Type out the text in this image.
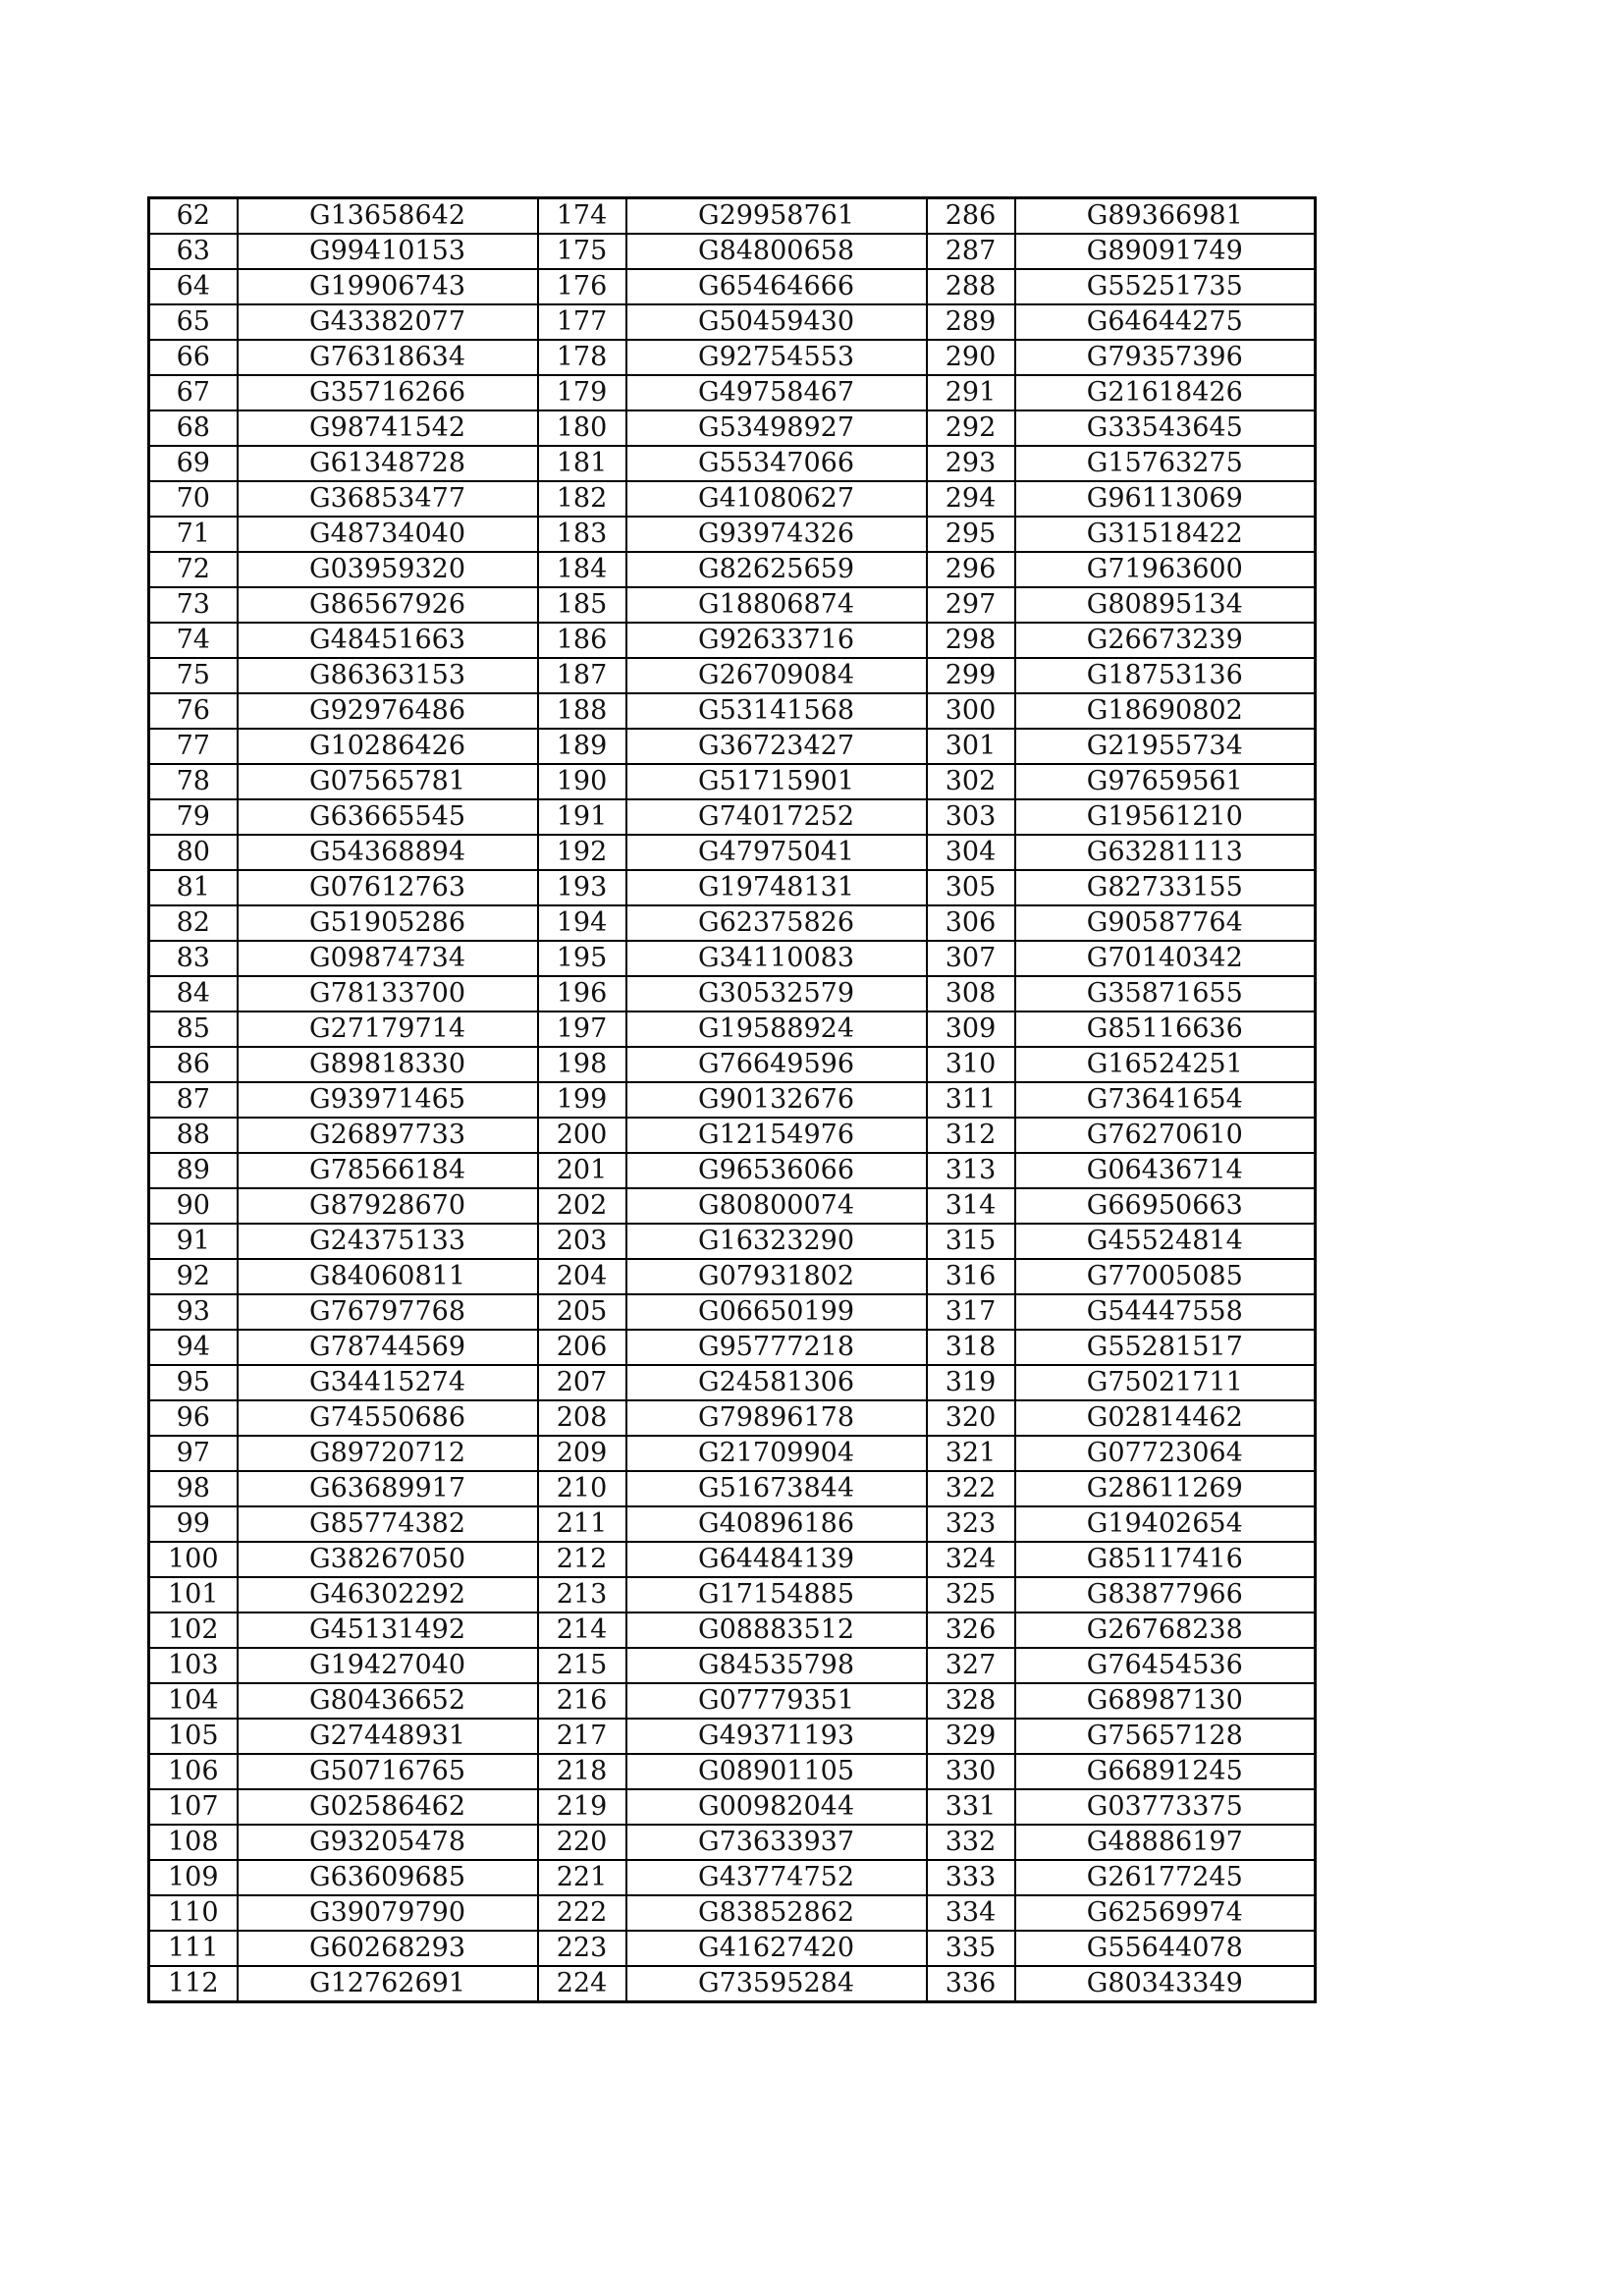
62	G13658642	174	G29958761	286	G89366981
63	G99410153	175	G84800658	287	G89091749
64	G19906743	176	G65464666	288	G55251735
65	G43382077	177	G50459430	289	G64644275
66	G76318634	178	G92754553	290	G79357396
67	G35716266	179	G49758467	291	G21618426
68	G98741542	180	G53498927	292	G33543645
69	G61348728	181	G55347066	293	G15763275
70	G36853477	182	G41080627	294	G96113069
71	G48734040	183	G93974326	295	G31518422
72	G03959320	184	G82625659	296	G71963600
73	G86567926	185	G18806874	297	G80895134
74	G48451663	186	G92633716	298	G26673239
75	G86363153	187	G26709084	299	G18753136
76	G92976486	188	G53141568	300	G18690802
77	G10286426	189	G36723427	301	G21955734
78	G07565781	190	G51715901	302	G97659561
79	G63665545	191	G74017252	303	G19561210
80	G54368894	192	G47975041	304	G63281113
81	G07612763	193	G19748131	305	G82733155
82	G51905286	194	G62375826	306	G90587764
83	G09874734	195	G34110083	307	G70140342
84	G78133700	196	G30532579	308	G35871655
85	G27179714	197	G19588924	309	G85116636
86	G89818330	198	G76649596	310	G16524251
87	G93971465	199	G90132676	311	G73641654
88	G26897733	200	G12154976	312	G76270610
89	G78566184	201	G96536066	313	G06436714
90	G87928670	202	G80800074	314	G66950663
91	G24375133	203	G16323290	315	G45524814
92	G84060811	204	G07931802	316	G77005085
93	G76797768	205	G06650199	317	G54447558
94	G78744569	206	G95777218	318	G55281517
95	G34415274	207	G24581306	319	G75021711
96	G74550686	208	G79896178	320	G02814462
97	G89720712	209	G21709904	321	G07723064
98	G63689917	210	G51673844	322	G28611269
99	G85774382	211	G40896186	323	G19402654
100	G38267050	212	G64484139	324	G85117416
101	G46302292	213	G17154885	325	G83877966
102	G45131492	214	G08883512	326	G26768238
103	G19427040	215	G84535798	327	G76454536
104	G80436652	216	G07779351	328	G68987130
105	G27448931	217	G49371193	329	G75657128
106	G50716765	218	G08901105	330	G66891245
107	G02586462	219	G00982044	331	G03773375
108	G93205478	220	G73633937	332	G48886197
109	G63609685	221	G43774752	333	G26177245
110	G39079790	222	G83852862	334	G62569974
111	G60268293	223	G41627420	335	G55644078
112	G12762691	224	G73595284	336	G80343349
